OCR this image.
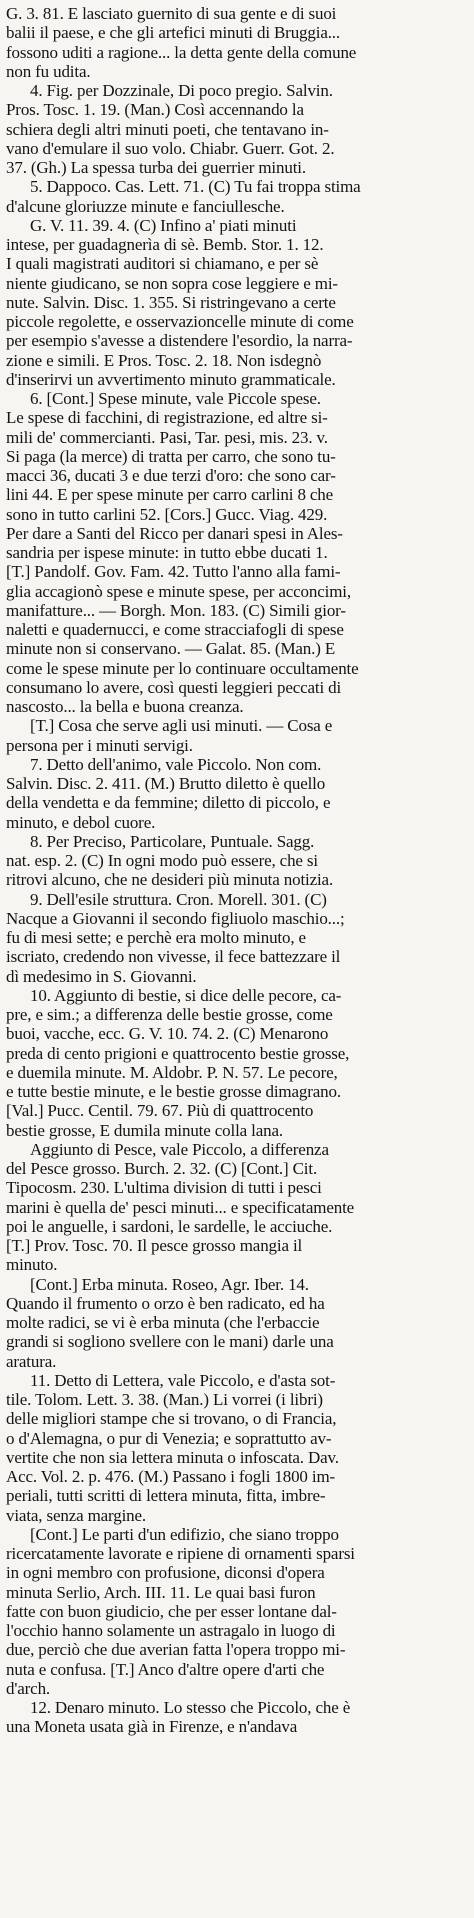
G. 3. 81. E lasciato guernito di sua gente e di suoi
balii il paese, e che gli artefici minuti di Bruggia...
fossono uditi a ragione... la detta gente della comune
non fu udita.
4. Fig. per Dozzinale, Di poco pregio. Salvin.
Pros. Tosc. 1. 19. (Man.) Così accennando la
schiera degli altri minuti poeti, che tentavano in-
vano d'emulare il suo volo. Chiabr. Guerr. Got. 2.
37. (Gh.) La spessa turba dei guerrier minuti.
5. Dappoco. Cas. Lett. 71. (C) Tu fai troppa stima
d'alcune gloriuzze minute e fanciullesche.
G. V. 11. 39. 4. (C) Infino a' piati minuti
intese, per guadagnerìa di sè. Bemb. Stor. 1. 12.
I quali magistrati auditori si chiamano, e per sè
niente giudicano, se non sopra cose leggiere e mi-
nute. Salvin. Disc. 1. 355. Si ristringevano a certe
piccole regolette, e osservazioncelle minute di come
per esempio s'avesse a distendere l'esordio, la narra-
zione e simili. E Pros. Tosc. 2. 18. Non isdegnò
d'inserirvi un avvertimento minuto grammaticale.
6. [Cont.] Spese minute, vale Piccole spese.
Le spese di facchini, di registrazione, ed altre si-
mili de' commercianti. Pasi, Tar. pesi, mis. 23. v.
Si paga (la merce) di tratta per carro, che sono tu-
macci 36, ducati 3 e due terzi d'oro: che sono car-
lini 44. E per spese minute per carro carlini 8 che
sono in tutto carlini 52. [Cors.] Gucc. Viag. 429.
Per dare a Santi del Ricco per danari spesi in Ales-
sandria per ispese minute: in tutto ebbe ducati 1.
[T.] Pandolf. Gov. Fam. 42. Tutto l'anno alla fami-
glia accagionò spese e minute spese, per acconcimi,
manifatture... — Borgh. Mon. 183. (C) Simili gior-
naletti e quadernucci, e come stracciafogli di spese
minute non si conservano. — Galat. 85. (Man.) E
come le spese minute per lo continuare occultamente
consumano lo avere, così questi leggieri peccati di
nascosto... la bella e buona creanza.
[T.] Cosa che serve agli usi minuti. — Cosa e
persona per i minuti servigi.
7. Detto dell'animo, vale Piccolo. Non com.
Salvin. Disc. 2. 411. (M.) Brutto diletto è quello
della vendetta e da femmine; diletto di piccolo, e
minuto, e debol cuore.
8. Per Preciso, Particolare, Puntuale. Sagg.
nat. esp. 2. (C) In ogni modo può essere, che si
ritrovi alcuno, che ne desideri più minuta notizia.
9. Dell'esile struttura. Cron. Morell. 301. (C)
Nacque a Giovanni il secondo figliuolo maschio...;
fu di mesi sette; e perchè era molto minuto, e
iscriato, credendo non vivesse, il fece battezzare il
dì medesimo in S. Giovanni.
10. Aggiunto di bestie, si dice delle pecore, ca-
pre, e sim.; a differenza delle bestie grosse, come
buoi, vacche, ecc. G. V. 10. 74. 2. (C) Menarono
preda di cento prigioni e quattrocento bestie grosse,
e duemila minute. M. Aldobr. P. N. 57. Le pecore,
e tutte bestie minute, e le bestie grosse dimagrano.
[Val.] Pucc. Centil. 79. 67. Più di quattrocento
bestie grosse, E dumila minute colla lana.
Aggiunto di Pesce, vale Piccolo, a differenza
del Pesce grosso. Burch. 2. 32. (C) [Cont.] Cit.
Tipocosm. 230. L'ultima division di tutti i pesci
marini è quella de' pesci minuti... e specificatamente
poi le anguelle, i sardoni, le sardelle, le acciuche.
[T.] Prov. Tosc. 70. Il pesce grosso mangia il
minuto.
[Cont.] Erba minuta. Roseo, Agr. Iber. 14.
Quando il frumento o orzo è ben radicato, ed ha
molte radici, se vi è erba minuta (che l'erbaccie
grandi si sogliono svellere con le mani) darle una
aratura.
11. Detto di Lettera, vale Piccolo, e d'asta sot-
tile. Tolom. Lett. 3. 38. (Man.) Li vorrei (i libri)
delle migliori stampe che si trovano, o di Francia,
o d'Alemagna, o pur di Venezia; e soprattutto av-
vertite che non sia lettera minuta o infoscata. Dav.
Acc. Vol. 2. p. 476. (M.) Passano i fogli 1800 im-
periali, tutti scritti di lettera minuta, fitta, imbre-
viata, senza margine.
[Cont.] Le parti d'un edifizio, che siano troppo
ricercatamente lavorate e ripiene di ornamenti sparsi
in ogni membro con profusione, diconsi d'opera
minuta Serlio, Arch. III. 11. Le quai basi furon
fatte con buon giudicio, che per esser lontane dal-
l'occhio hanno solamente un astragalo in luogo di
due, perciò che due averian fatta l'opera troppo mi-
nuta e confusa. [T.] Anco d'altre opere d'arti che
d'arch.
12. Denaro minuto. Lo stesso che Piccolo, che è
una Moneta usata già in Firenze, e n'andava
